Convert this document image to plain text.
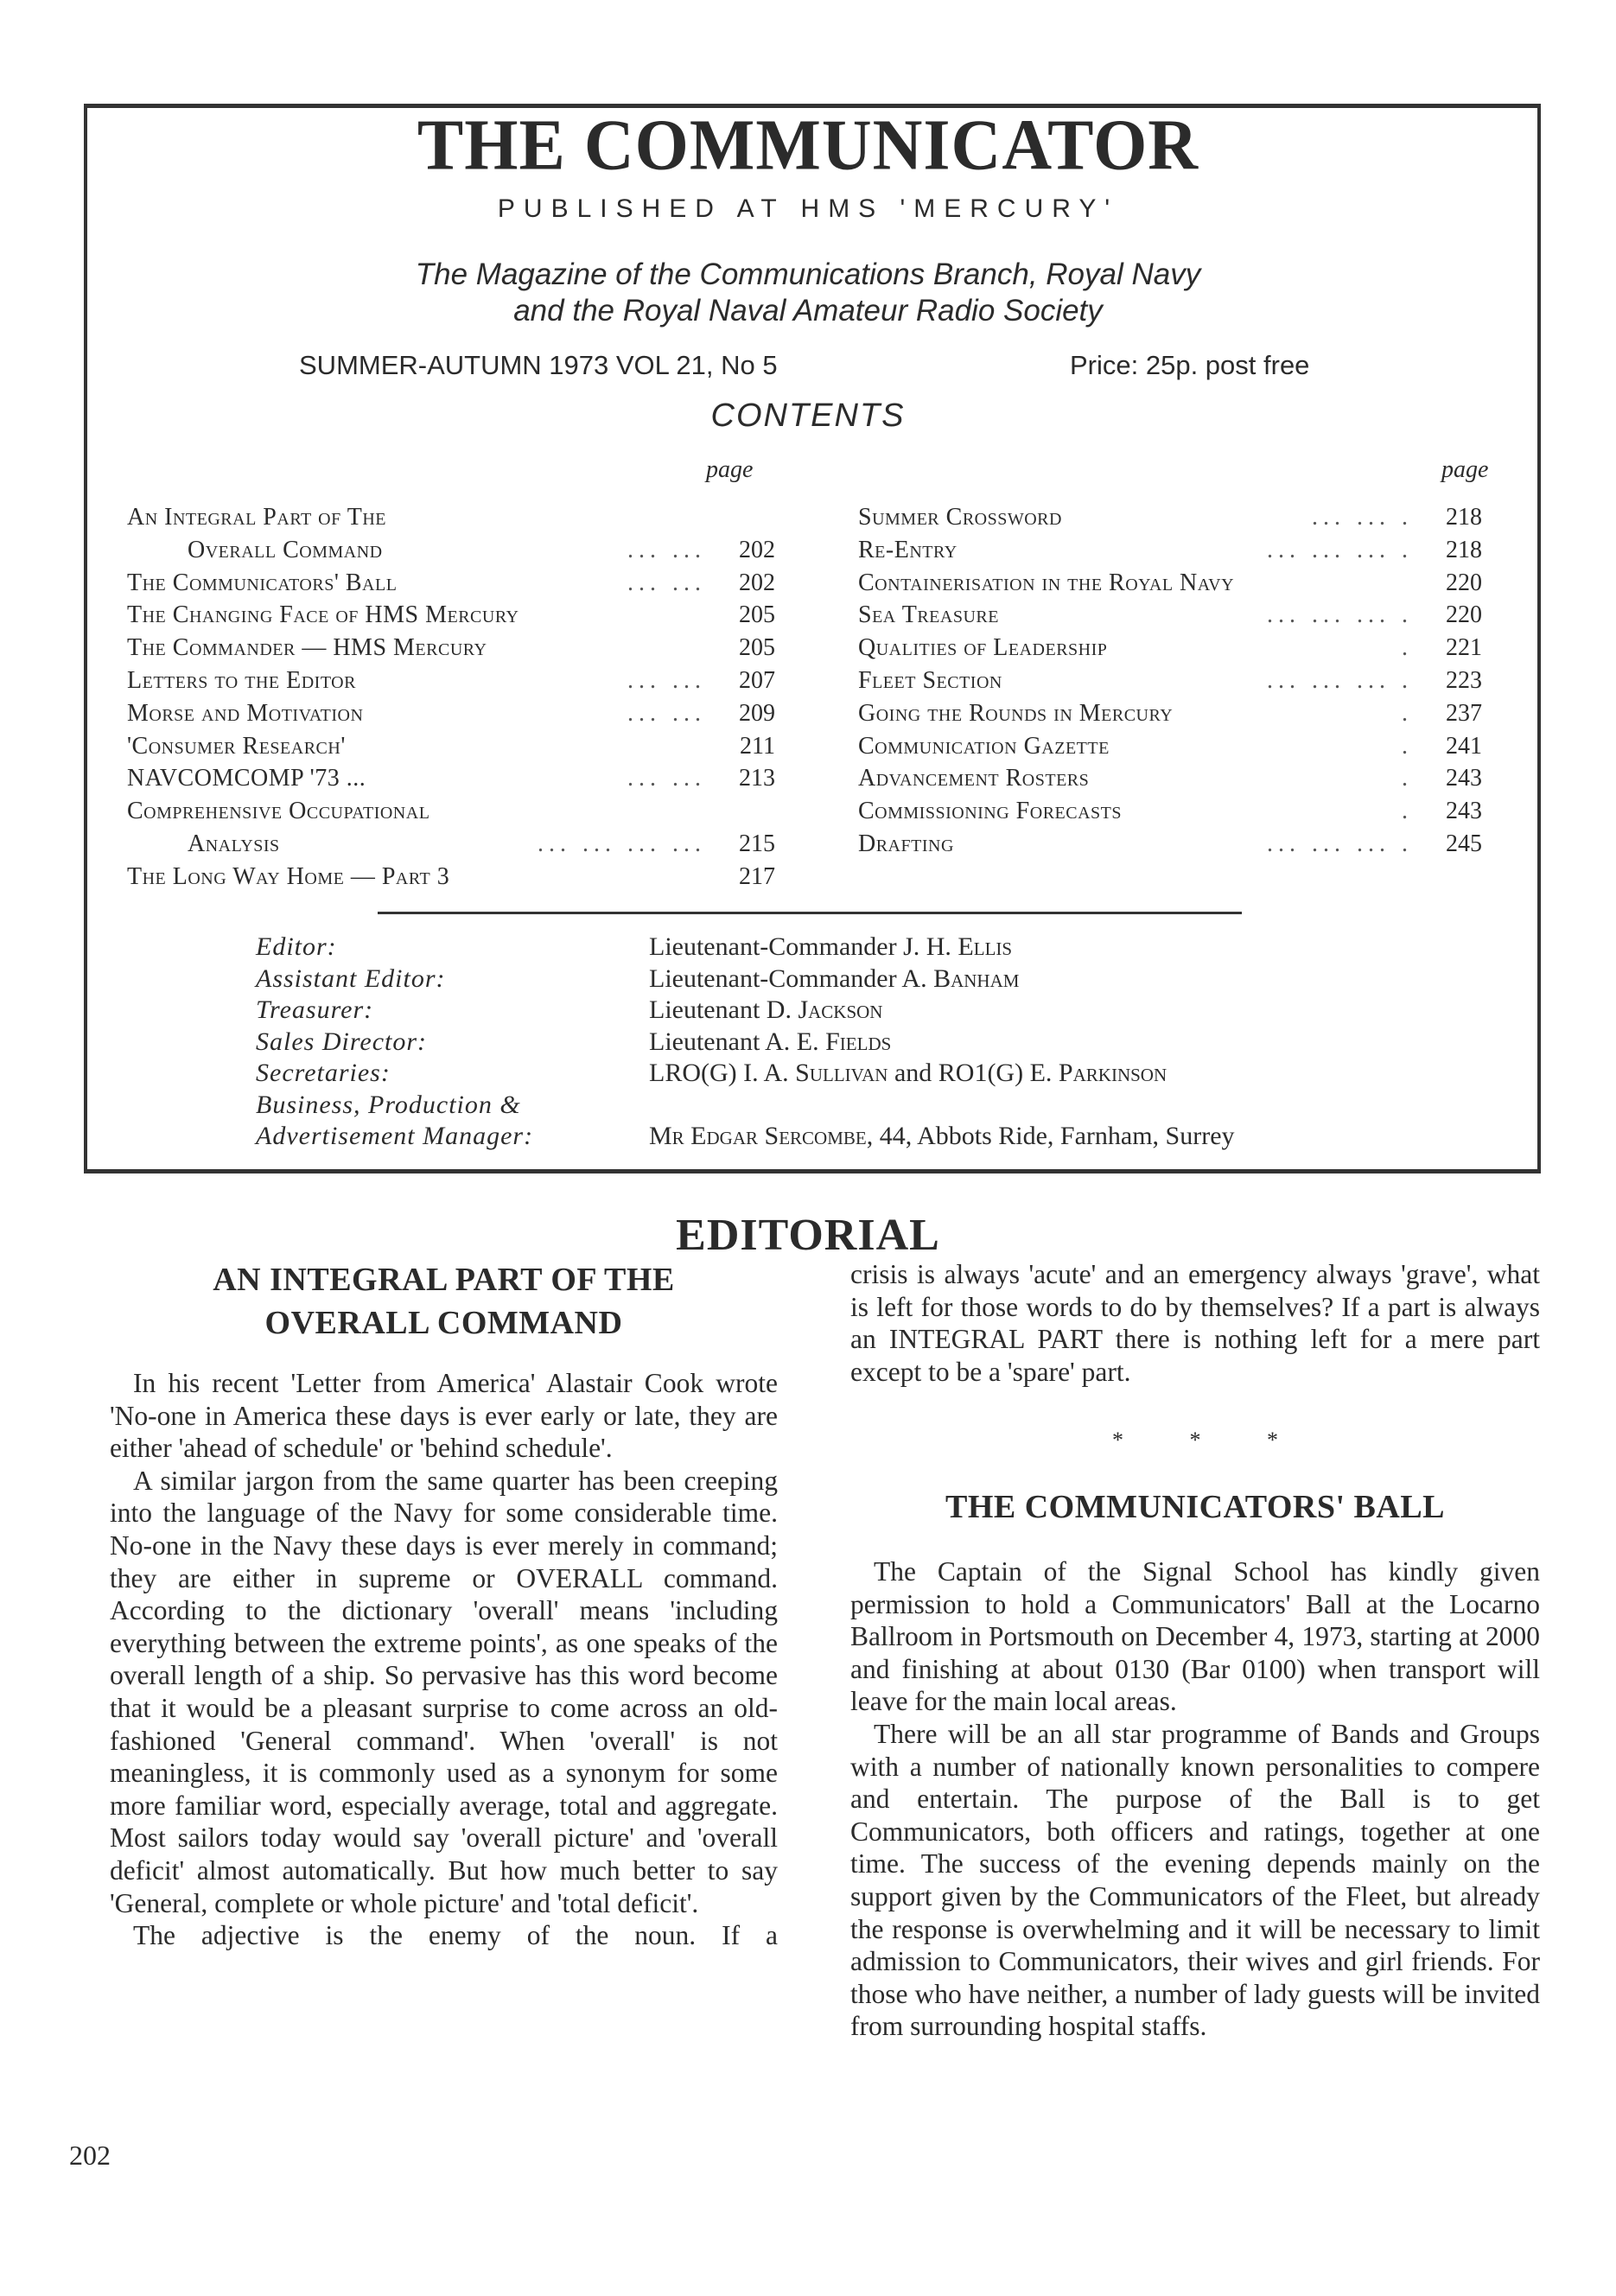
THE COMMUNICATOR
PUBLISHED AT HMS 'MERCURY'
The Magazine of the Communications Branch, Royal Navy
and the Royal Naval Amateur Radio Society
SUMMER-AUTUMN 1973 VOL 21, No 5	Price: 25p. post free
CONTENTS
page	page
An Integral Part of The
Overall Command	... ... 202
The Communicators' Ball	... ... 202
The Changing Face of HMS Mercury	205
The Commander — HMS Mercury	205
Letters to the Editor	... ... 207
Morse and Motivation	... ... 209
'Consumer Research'	211
NAVCOMCOMP '73 ...	... ... 213
Comprehensive Occupational
Analysis	... ... ... ... 215
The Long Way Home — Part 3	217
Summer Crossword	... ... . 218
Re-Entry	... ... ... . 218
Containerisation in the Royal Navy	220
Sea Treasure	... ... ... . 220
Qualities of Leadership	. 221
Fleet Section	... ... ... . 223
Going the Rounds in Mercury	. 237
Communication Gazette	. 241
Advancement Rosters	. 243
Commissioning Forecasts	. 243
Drafting	... ... ... . 245
Editor:	Lieutenant-Commander J. H. Ellis
Assistant Editor:	Lieutenant-Commander A. Banham
Treasurer:	Lieutenant D. Jackson
Sales Director:	Lieutenant A. E. Fields
Secretaries:	LRO(G) I. A. Sullivan and RO1(G) E. Parkinson
Business, Production &
Advertisement Manager:	Mr Edgar Sercombe, 44, Abbots Ride, Farnham, Surrey
EDITORIAL
AN INTEGRAL PART OF THE
OVERALL COMMAND

In his recent 'Letter from America' Alastair Cook wrote 'No-one in America these days is ever early or late, they are either 'ahead of schedule' or 'behind schedule'.

A similar jargon from the same quarter has been creeping into the language of the Navy for some considerable time. No-one in the Navy these days is ever merely in command; they are either in supreme or OVERALL command. According to the dictionary 'overall' means 'including everything between the extreme points', as one speaks of the overall length of a ship. So pervasive has this word become that it would be a pleasant surprise to come across an old-fashioned 'General command'. When 'overall' is not meaningless, it is commonly used as a synonym for some more familiar word, especially average, total and aggregate. Most sailors today would say 'overall picture' and 'overall deficit' almost automatically. But how much better to say 'General, complete or whole picture' and 'total deficit'.

The adjective is the enemy of the noun. If a

crisis is always 'acute' and an emergency always 'grave', what is left for those words to do by themselves? If a part is always an INTEGRAL PART there is nothing left for a mere part except to be a 'spare' part.

* * *
THE COMMUNICATORS' BALL

The Captain of the Signal School has kindly given permission to hold a Communicators' Ball at the Locarno Ballroom in Portsmouth on December 4, 1973, starting at 2000 and finishing at about 0130 (Bar 0100) when transport will leave for the main local areas.

There will be an all star programme of Bands and Groups with a number of nationally known personalities to compere and entertain. The purpose of the Ball is to get Communicators, both officers and ratings, together at one time. The success of the evening depends mainly on the support given by the Communicators of the Fleet, but already the response is overwhelming and it will be necessary to limit admission to Communicators, their wives and girl friends. For those who have neither, a number of lady guests will be invited from surrounding hospital staffs.

202
